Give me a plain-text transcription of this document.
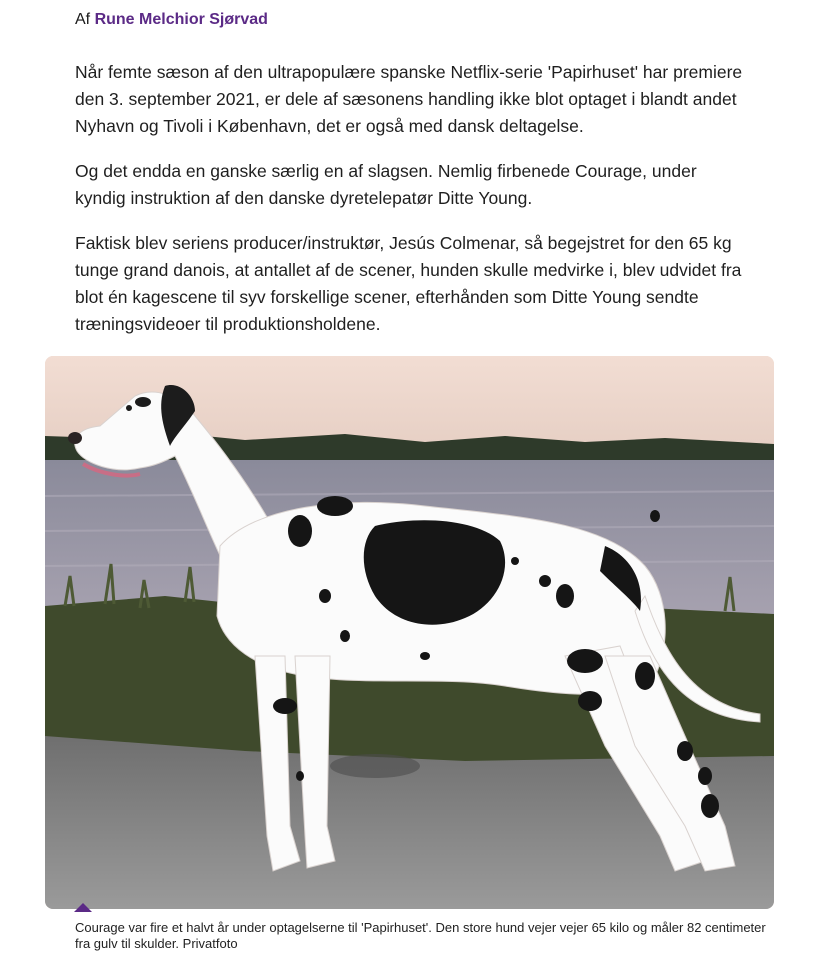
Af Rune Melchior Sjørvad

Når femte sæson af den ultrapopulære spanske Netflix-serie 'Papirhuset' har premiere den 3. september 2021, er dele af sæsonens handling ikke blot optaget i blandt andet Nyhavn og Tivoli i København, det er også med dansk deltagelse.

Og det endda en ganske særlig en af slagsen. Nemlig firbenede Courage, under kyndig instruktion af den danske dyretelepatør Ditte Young.

Faktisk blev seriens producer/instruktør, Jesús Colmenar, så begejstret for den 65 kg tunge grand danois, at antallet af de scener, hunden skulle medvirke i, blev udvidet fra blot én kagescene til syv forskellige scener, efterhånden som Ditte Young sendte træningsvideoer til produktionsholdene.

Courage var fire et halvt år under optagelserne til 'Papirhuset'. Den store hund vejer vejer 65 kilo og måler 82 centimeter fra gulv til skulder. Privatfoto
